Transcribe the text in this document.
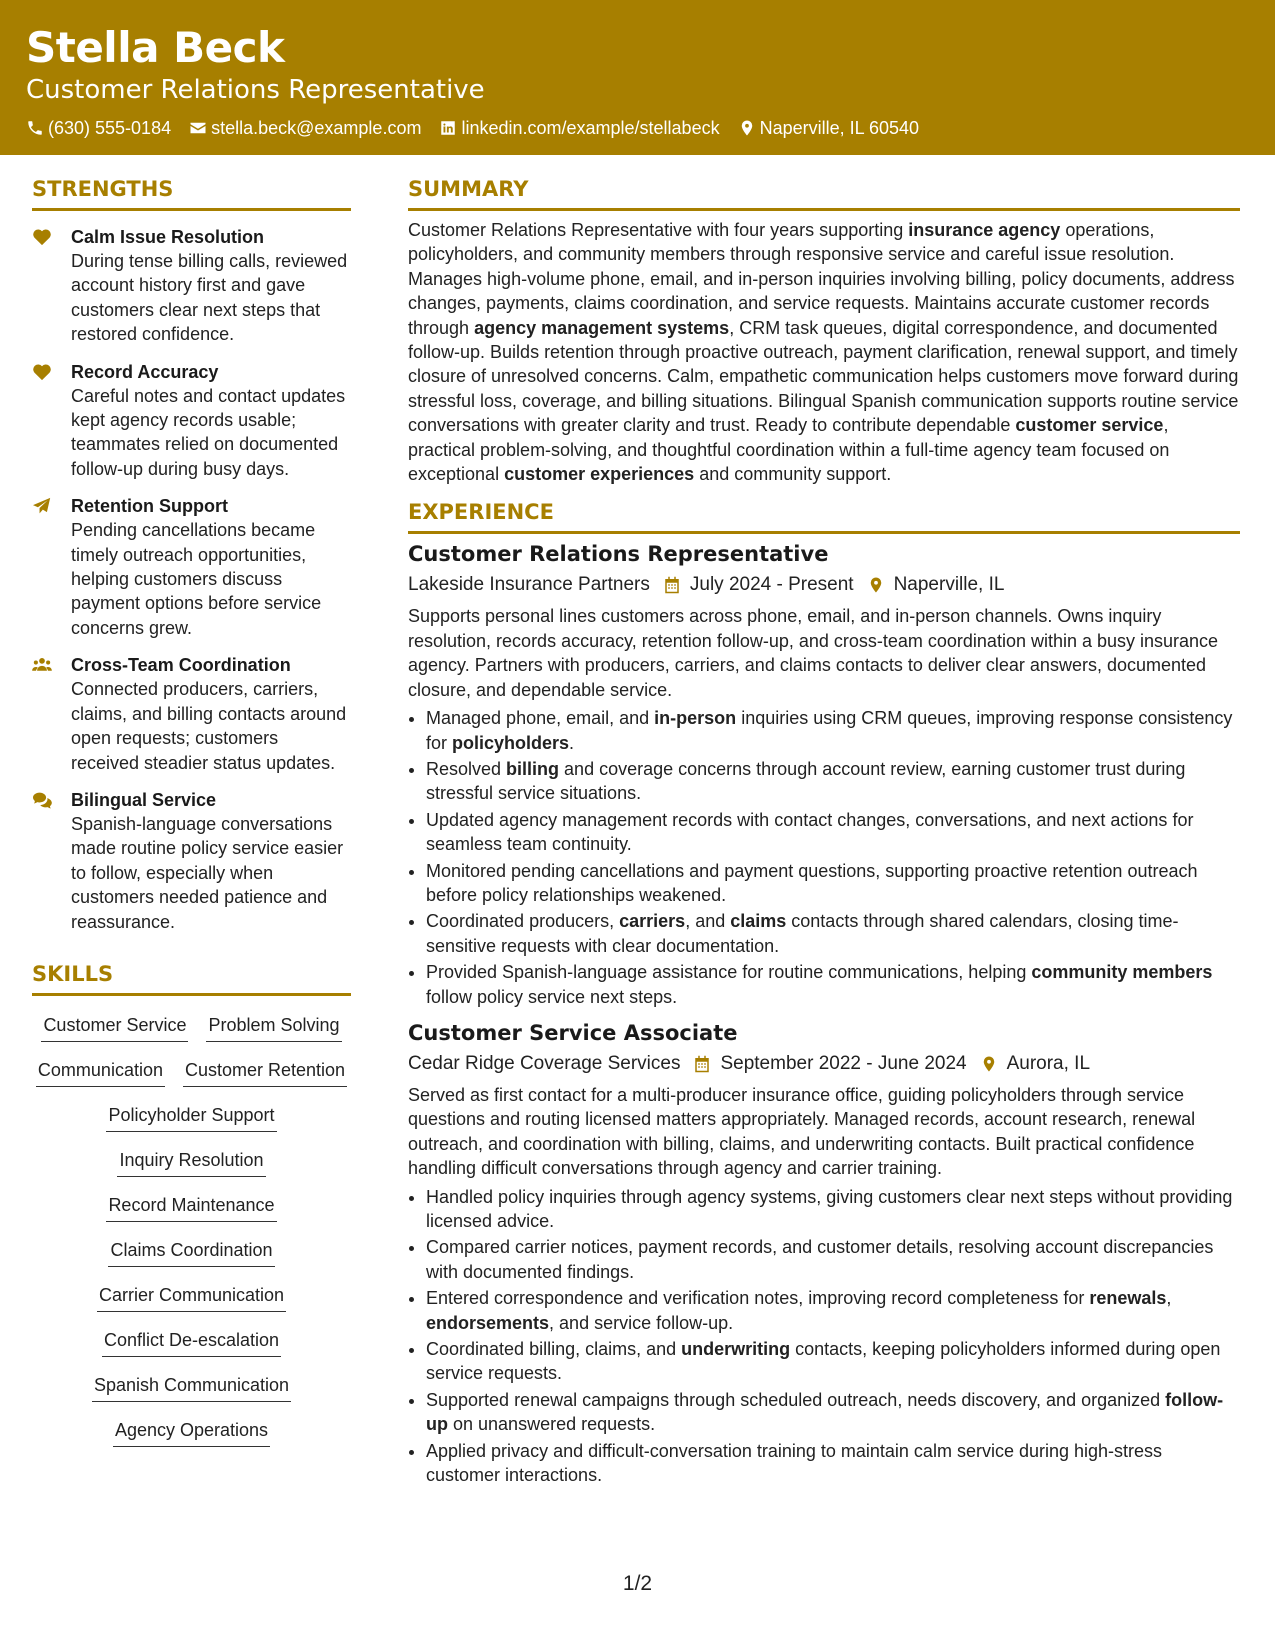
Stella Beck
Customer Relations Representative
(630) 555-0184 stella.beck@example.com linkedin.com/example/stellabeck Naperville, IL 60540
STRENGTHS
Calm Issue Resolution
During tense billing calls, reviewed account history first and gave customers clear next steps that restored confidence.
Record Accuracy
Careful notes and contact updates kept agency records usable; teammates relied on documented follow-up during busy days.
Retention Support
Pending cancellations became timely outreach opportunities, helping customers discuss payment options before service concerns grew.
Cross-Team Coordination
Connected producers, carriers, claims, and billing contacts around open requests; customers received steadier status updates.
Bilingual Service
Spanish-language conversations made routine policy service easier to follow, especially when customers needed patience and reassurance.
SKILLS
Customer Service Problem Solving
Communication Customer Retention
Policyholder Support
Inquiry Resolution
Record Maintenance
Claims Coordination
Carrier Communication
Conflict De-escalation
Spanish Communication
Agency Operations
SUMMARY

Customer Relations Representative with four years supporting insurance agency operations, policyholders, and community members through responsive service and careful issue resolution. Manages high-volume phone, email, and in-person inquiries involving billing, policy documents, address changes, payments, claims coordination, and service requests. Maintains accurate customer records through agency management systems, CRM task queues, digital correspondence, and documented follow-up. Builds retention through proactive outreach, payment clarification, renewal support, and timely closure of unresolved concerns. Calm, empathetic communication helps customers move forward during stressful loss, coverage, and billing situations. Bilingual Spanish communication supports routine service conversations with greater clarity and trust. Ready to contribute dependable customer service, practical problem-solving, and thoughtful coordination within a full-time agency team focused on exceptional customer experiences and community support.

EXPERIENCE
Customer Relations Representative
Lakeside Insurance Partners July 2024 - Present Naperville, IL

Supports personal lines customers across phone, email, and in-person channels. Owns inquiry resolution, records accuracy, retention follow-up, and cross-team coordination within a busy insurance agency. Partners with producers, carriers, and claims contacts to deliver clear answers, documented closure, and dependable service.

• Managed phone, email, and in-person inquiries using CRM queues, improving response consistency for policyholders.
• Resolved billing and coverage concerns through account review, earning customer trust during stressful service situations.
• Updated agency management records with contact changes, conversations, and next actions for seamless team continuity.
• Monitored pending cancellations and payment questions, supporting proactive retention outreach before policy relationships weakened.
• Coordinated producers, carriers, and claims contacts through shared calendars, closing time-sensitive requests with clear documentation.
• Provided Spanish-language assistance for routine communications, helping community members follow policy service next steps.
Customer Service Associate
Cedar Ridge Coverage Services September 2022 - June 2024 Aurora, IL

Served as first contact for a multi-producer insurance office, guiding policyholders through service questions and routing licensed matters appropriately. Managed records, account research, renewal outreach, and coordination with billing, claims, and underwriting contacts. Built practical confidence handling difficult conversations through agency and carrier training.

• Handled policy inquiries through agency systems, giving customers clear next steps without providing licensed advice.
• Compared carrier notices, payment records, and customer details, resolving account discrepancies with documented findings.
• Entered correspondence and verification notes, improving record completeness for renewals, endorsements, and service follow-up.
• Coordinated billing, claims, and underwriting contacts, keeping policyholders informed during open service requests.
• Supported renewal campaigns through scheduled outreach, needs discovery, and organized follow-up on unanswered requests.
• Applied privacy and difficult-conversation training to maintain calm service during high-stress customer interactions.
1/2
